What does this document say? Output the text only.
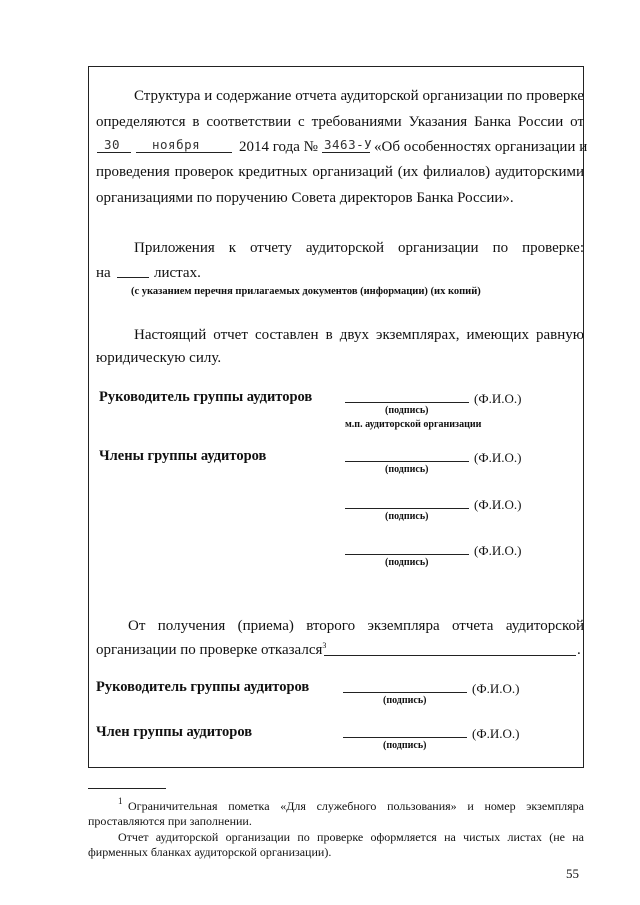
Структура и содержание отчета аудиторской организации по проверке
определяются в соответствии с требованиями Указания Банка России от
30	ноября	2014 года № 3463-У «Об особенностях организации и
проведения проверок кредитных организаций (их филиалов) аудиторскими
организациями по поручению Совета директоров Банка России».
Приложения к отчету аудиторской организации по проверке:
на	листах.
(с указанием перечня прилагаемых документов (информации) (их копий)
Настоящий отчет составлен в двух экземплярах, имеющих равную
юридическую силу.
Руководитель группы аудиторов	(Ф.И.О.)
(подпись)
м.п. аудиторской организации
Члены группы аудиторов	(Ф.И.О.)
(подпись)
(Ф.И.О.)
(подпись)
(Ф.И.О.)
(подпись)
От получения (приема) второго экземпляра отчета аудиторской
организации по проверке отказался$^3$	.
Руководитель группы аудиторов	(Ф.И.О.)
(подпись)
Член группы аудиторов	(Ф.И.О.)
(подпись)
1 Ограничительная пометка «Для служебного пользования» и номер экземпляра
проставляются при заполнении.
Отчет аудиторской организации по проверке оформляется на чистых листах (не на
фирменных бланках аудиторской организации).
55
